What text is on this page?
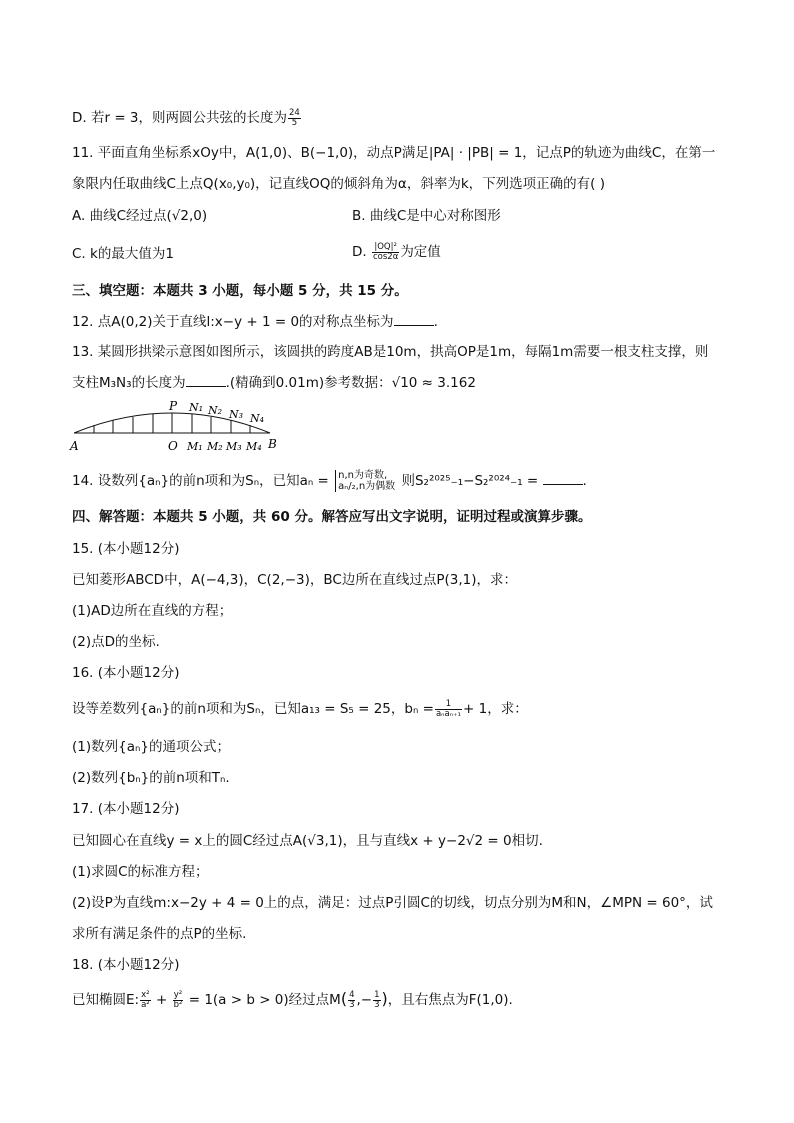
D. 若r = 3，则两圆公共弦的长度为 $\frac{24}{5}$
11. 平面直角坐标系xOy中，A(1,0)、B(−1,0)，动点P满足|PA| · |PB| = 1，记点P的轨迹为曲线C，在第一
象限内任取曲线C上点Q(x₀,y₀)，记直线OQ的倾斜角为α，斜率为k，下列选项正确的有( )
A. 曲线C经过点(√2,0)	B. 曲线C是中心对称图形
C. k的最大值为1	D. $\frac{\text{|OQ|²}}{\cos 2\alpha}$ 为定值
三、填空题：本题共 3 小题，每小题 5 分，共 15 分。
12. 点A(0,2)关于直线l:x−y + 1 = 0的对称点坐标为	.
13. 某圆形拱梁示意图如图所示，该圆拱的跨度AB是10m，拱高OP是1m，每隔1m需要一根支柱支撑，则
支柱M₃N₃的长度为	.(精确到0.01m)参考数据：√10 ≈ 3.162
P N₁ N₂ N₃ N₄
A	O M₁ M₂ M₃ M₄ B
14. 设数列{aₙ}的前n项和为Sₙ，已知aₙ = n,n为奇数,
aₙ/₂,n为偶数 则S₂²⁰²⁵₋₁−S₂²⁰²⁴₋₁ =	.
四、解答题：本题共 5 小题，共 60 分。解答应写出文字说明，证明过程或演算步骤。
15. (本小题12分)
已知菱形ABCD中，A(−4,3)，C(2,−3)，BC边所在直线过点P(3,1)，求：
(1)AD边所在直线的方程；
(2)点D的坐标.
16. (本小题12分)
设等差数列{aₙ}的前n项和为Sₙ，已知a₁₃ = S₅ = 25，$b_n = \frac{1}{\text{aₙaₙ₊₁}} + 1$，求：
(1)数列{aₙ}的通项公式；
(2)数列{bₙ}的前n项和Tₙ.
17. (本小题12分)
已知圆心在直线y = x上的圆C经过点A(√3,1)，且与直线x + y−2√2 = 0相切.
(1)求圆C的标准方程；
(2)设P为直线m:x−2y + 4 = 0上的点，满足：过点P引圆C的切线，切点分别为M和N，∠MPN = 60°，试
求所有满足条件的点P的坐标.
18. (本小题12分)
已知椭圆E: $\frac{\text{x²}}{\text{a²}} + \frac{\text{y²}}{\text{b²}} = 1(a > b > 0)$经过点$M( \frac{4}{3}$ ,− $\frac{1}{3}$ )，且右焦点为F(1,0).
